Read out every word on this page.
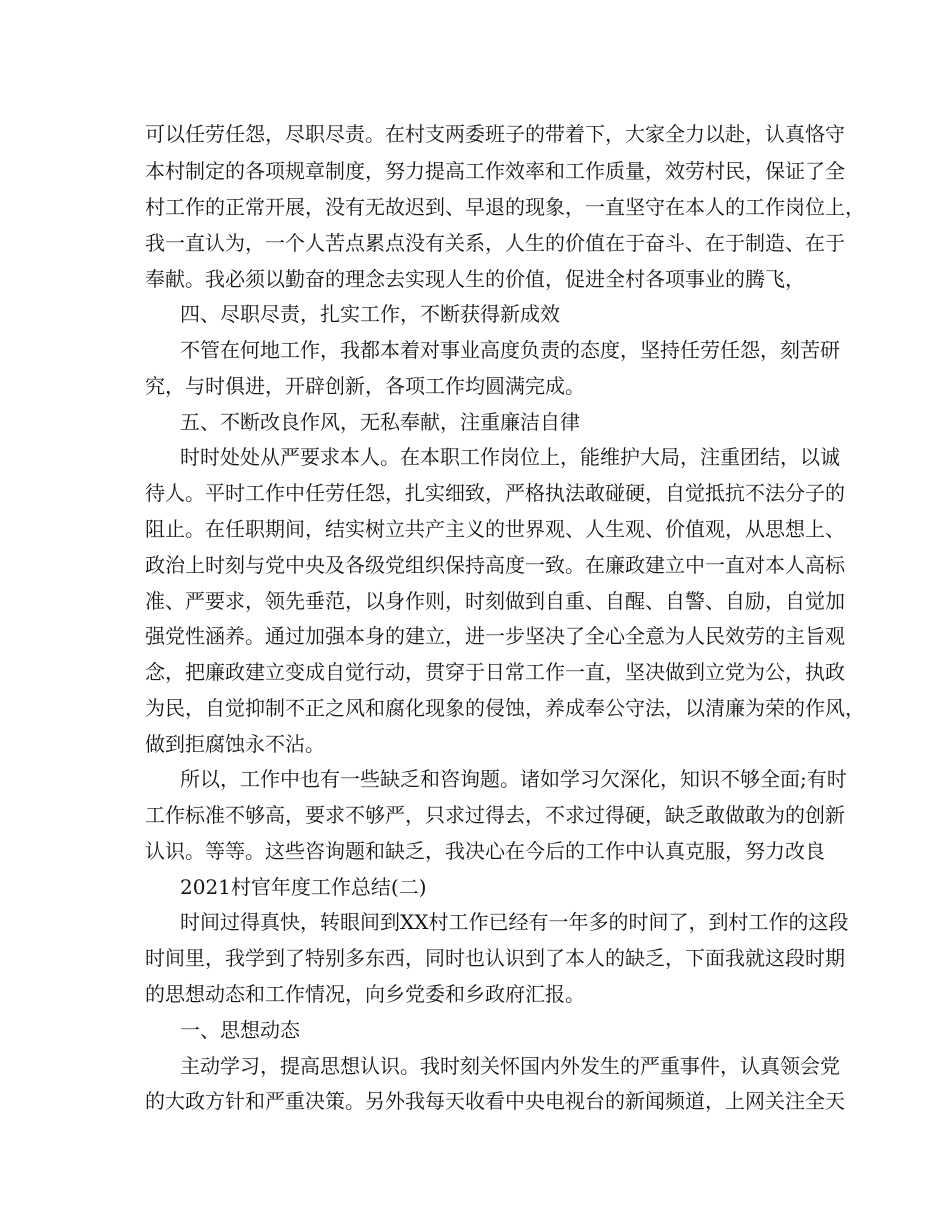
可以任劳任怨，尽职尽责。在村支两委班子的带着下，大家全力以赴，认真恪守
本村制定的各项规章制度，努力提高工作效率和工作质量，效劳村民，保证了全
村工作的正常开展，没有无故迟到、早退的现象，一直坚守在本人的工作岗位上，
我一直认为，一个人苦点累点没有关系，人生的价值在于奋斗、在于制造、在于
奉献。我必须以勤奋的理念去实现人生的价值，促进全村各项事业的腾飞，
四、尽职尽责，扎实工作，不断获得新成效
不管在何地工作，我都本着对事业高度负责的态度，坚持任劳任怨，刻苦研
究，与时俱进，开辟创新，各项工作均圆满完成。
五、不断改良作风，无私奉献，注重廉洁自律
时时处处从严要求本人。在本职工作岗位上，能维护大局，注重团结，以诚
待人。平时工作中任劳任怨，扎实细致，严格执法敢碰硬，自觉抵抗不法分子的
阻止。在任职期间，结实树立共产主义的世界观、人生观、价值观，从思想上、
政治上时刻与党中央及各级党组织保持高度一致。在廉政建立中一直对本人高标
准、严要求，领先垂范，以身作则，时刻做到自重、自醒、自警、自励，自觉加
强党性涵养。通过加强本身的建立，进一步坚决了全心全意为人民效劳的主旨观
念，把廉政建立变成自觉行动，贯穿于日常工作一直，坚决做到立党为公，执政
为民，自觉抑制不正之风和腐化现象的侵蚀，养成奉公守法，以清廉为荣的作风，
做到拒腐蚀永不沾。
所以，工作中也有一些缺乏和咨询题。诸如学习欠深化，知识不够全面;有时
工作标准不够高，要求不够严，只求过得去，不求过得硬，缺乏敢做敢为的创新
认识。等等。这些咨询题和缺乏，我决心在今后的工作中认真克服，努力改良
2021村官年度工作总结(二)
时间过得真快，转眼间到XX村工作已经有一年多的时间了，到村工作的这段
时间里，我学到了特别多东西，同时也认识到了本人的缺乏，下面我就这段时期
的思想动态和工作情况，向乡党委和乡政府汇报。
一、思想动态
主动学习，提高思想认识。我时刻关怀国内外发生的严重事件，认真领会党
的大政方针和严重决策。另外我每天收看中央电视台的新闻频道，上网关注全天
